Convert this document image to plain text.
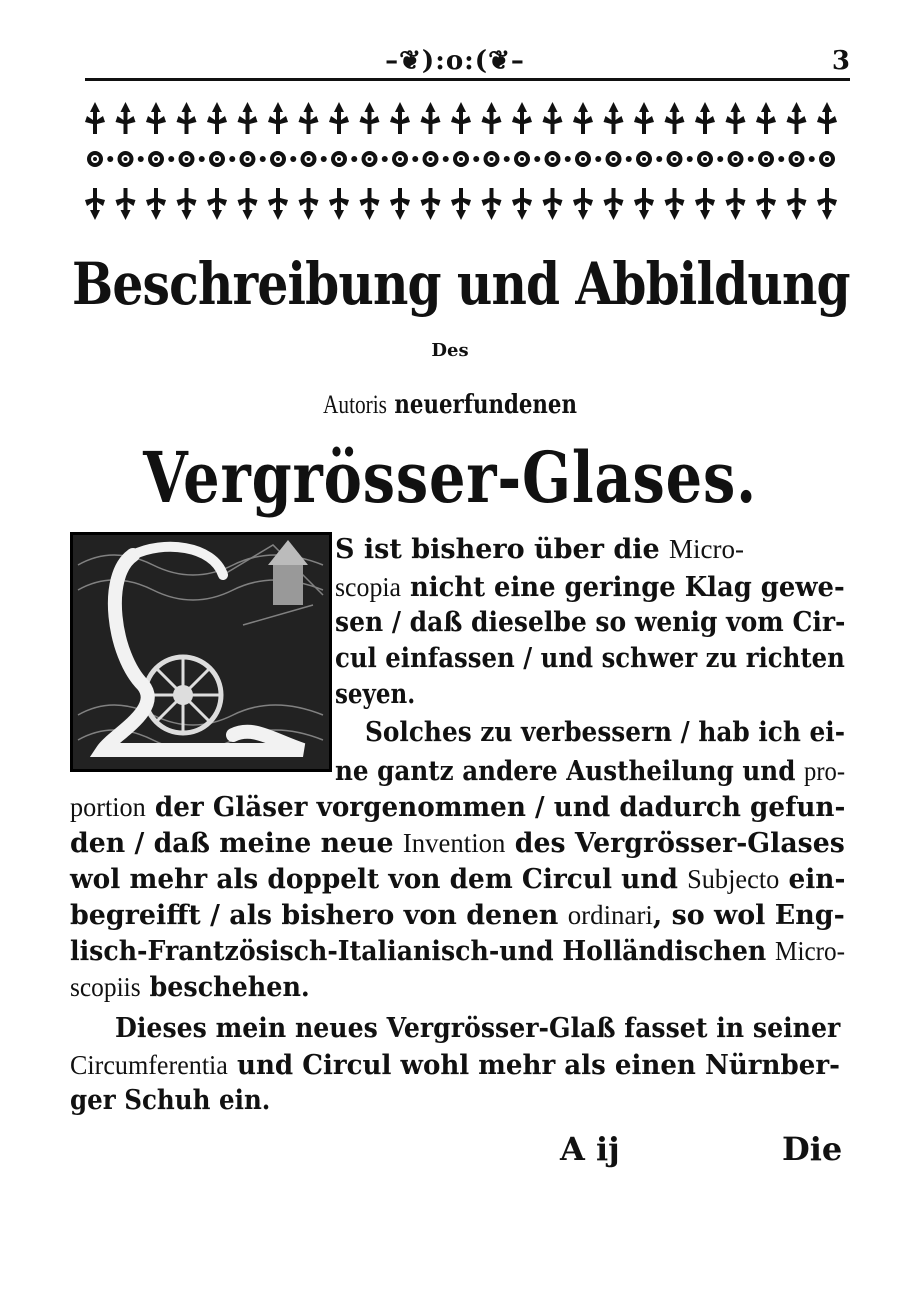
–❦):o:(❦–	3
Beschreibung und Abbildung
Des
Autoris neuerfundenen
Vergrösser-Glases.
S ist bishero über die Micro-
scopia nicht eine geringe Klag gewe-
sen / daß dieselbe so wenig vom Cir-
cul einfassen / und schwer zu richten
seyen.
Solches zu verbessern / hab ich ei-
ne gantz andere Austheilung und pro-
portion der Gläser vorgenommen / und dadurch gefun-
den / daß meine neue Invention des Vergrösser-Glases
wol mehr als doppelt von dem Circul und Subjecto ein-
begreifft / als bishero von denen ordinari, so wol Eng-
lisch-Frantzösisch-Italianisch-und Holländischen Micro-
scopiis beschehen.
Dieses mein neues Vergrösser-Glaß fasset in seiner
Circumferentia und Circul wohl mehr als einen Nürnber-
ger Schuh ein.
A ij	Die
